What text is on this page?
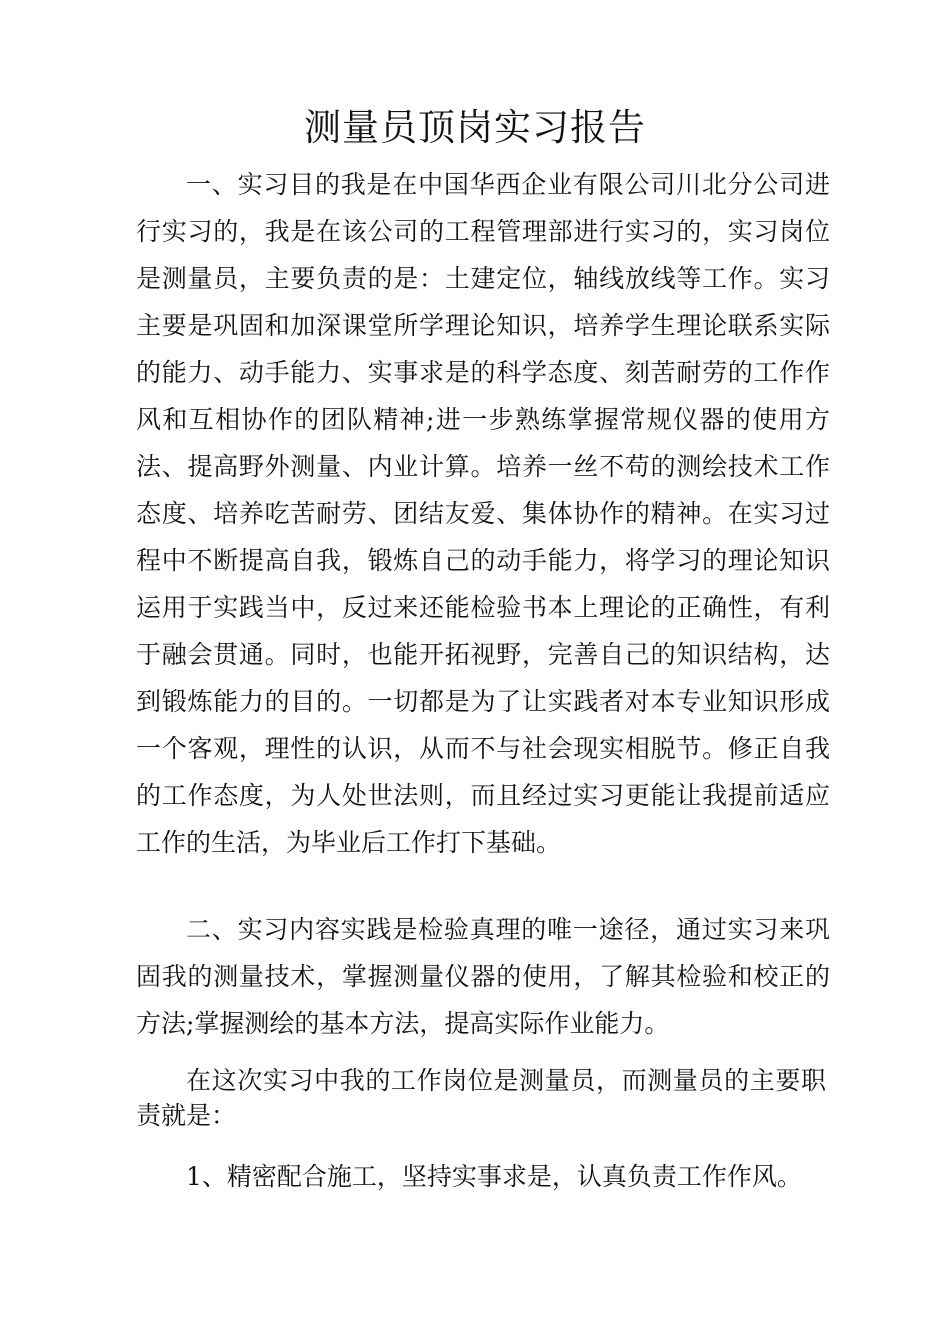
测量员顶岗实习报告

一、实习目的我是在中国华西企业有限公司川北分公司进行实习的，我是在该公司的工程管理部进行实习的，实习岗位是测量员，主要负责的是：土建定位，轴线放线等工作。实习主要是巩固和加深课堂所学理论知识，培养学生理论联系实际的能力、动手能力、实事求是的科学态度、刻苦耐劳的工作作风和互相协作的团队精神;进一步熟练掌握常规仪器的使用方法、提高野外测量、内业计算。培养一丝不苟的测绘技术工作态度、培养吃苦耐劳、团结友爱、集体协作的精神。在实习过程中不断提高自我，锻炼自己的动手能力，将学习的理论知识运用于实践当中，反过来还能检验书本上理论的正确性，有利于融会贯通。同时，也能开拓视野，完善自己的知识结构，达到锻炼能力的目的。一切都是为了让实践者对本专业知识形成一个客观，理性的认识，从而不与社会现实相脱节。修正自我的工作态度，为人处世法则，而且经过实习更能让我提前适应工作的生活，为毕业后工作打下基础。

二、实习内容实践是检验真理的唯一途径，通过实习来巩固我的测量技术，掌握测量仪器的使用，了解其检验和校正的方法;掌握测绘的基本方法，提高实际作业能力。

在这次实习中我的工作岗位是测量员，而测量员的主要职责就是：

1、精密配合施工，坚持实事求是，认真负责工作作风。
